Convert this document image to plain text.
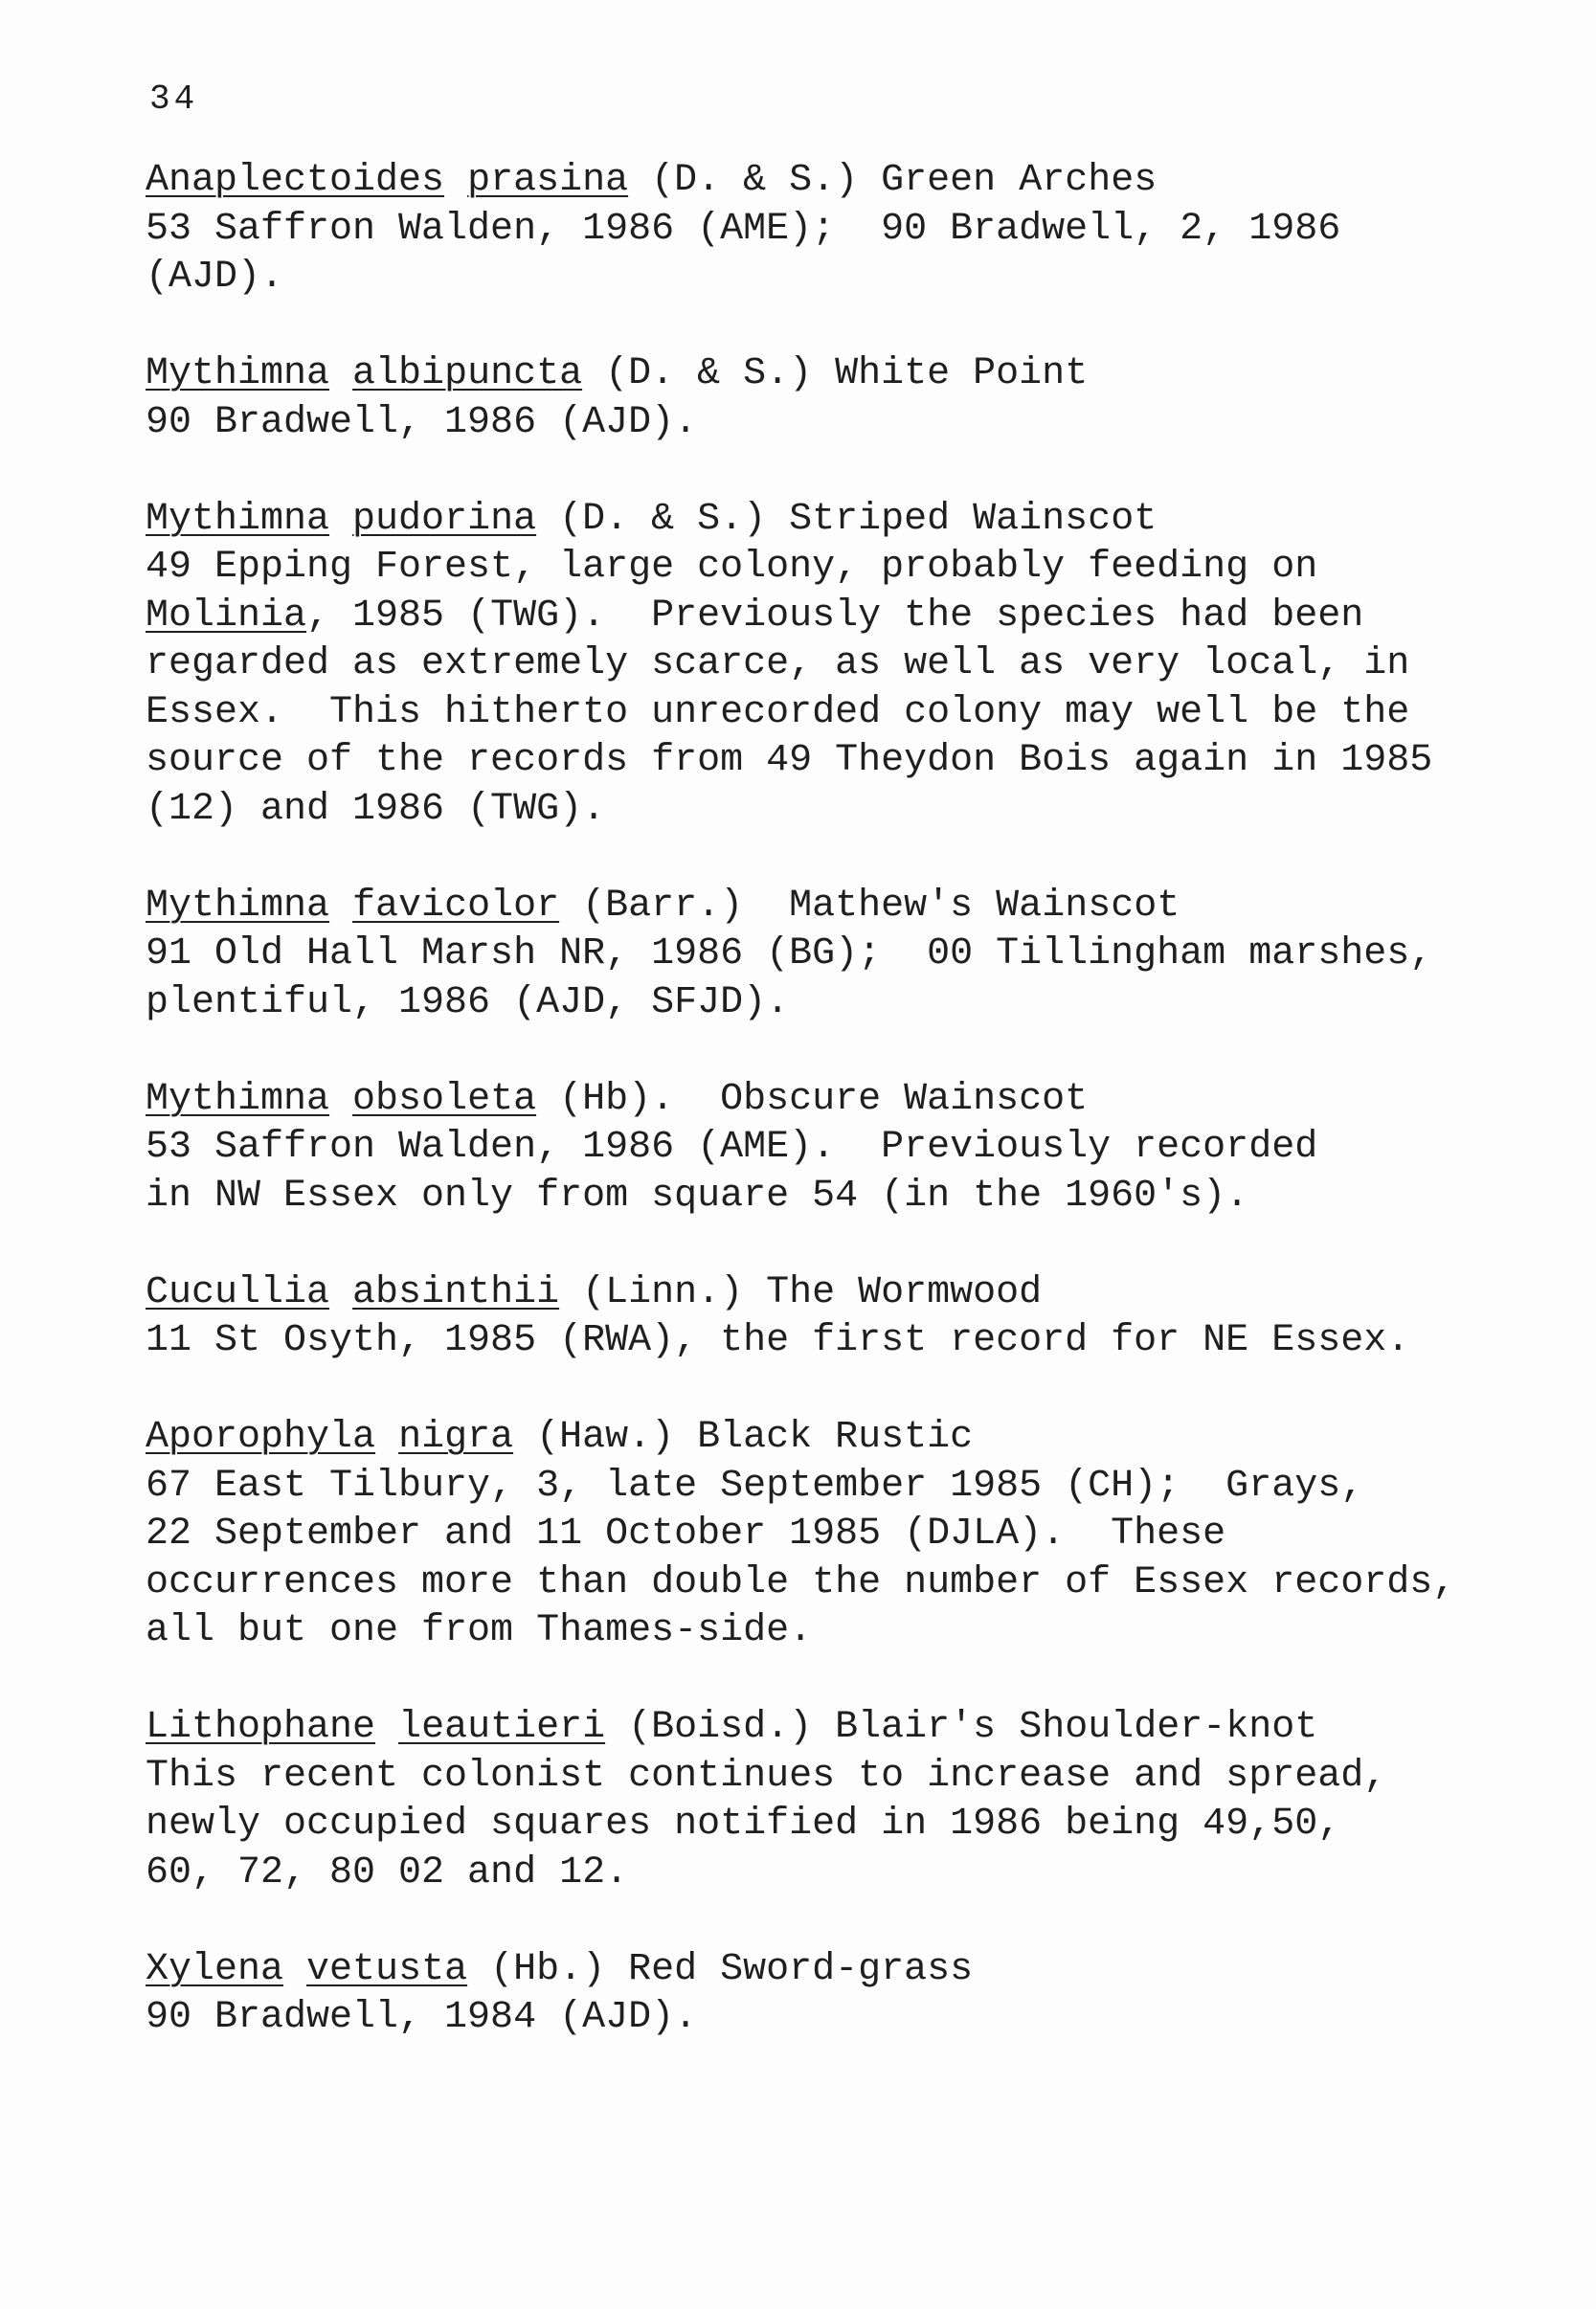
34
Anaplectoides prasina (D. & S.) Green Arches
53 Saffron Walden, 1986 (AME);  90 Bradwell, 2, 1986
(AJD).
Mythimna albipuncta (D. & S.) White Point
90 Bradwell, 1986 (AJD).
Mythimna pudorina (D. & S.) Striped Wainscot
49 Epping Forest, large colony, probably feeding on
Molinia, 1985 (TWG).  Previously the species had been
regarded as extremely scarce, as well as very local, in
Essex.  This hitherto unrecorded colony may well be the
source of the records from 49 Theydon Bois again in 1985
(12) and 1986 (TWG).
Mythimna favicolor (Barr.)  Mathew's Wainscot
91 Old Hall Marsh NR, 1986 (BG);  00 Tillingham marshes,
plentiful, 1986 (AJD, SFJD).
Mythimna obsoleta (Hb).  Obscure Wainscot
53 Saffron Walden, 1986 (AME).  Previously recorded
in NW Essex only from square 54 (in the 1960's).
Cucullia absinthii (Linn.) The Wormwood
11 St Osyth, 1985 (RWA), the first record for NE Essex.
Aporophyla nigra (Haw.) Black Rustic
67 East Tilbury, 3, late September 1985 (CH);  Grays,
22 September and 11 October 1985 (DJLA).  These
occurrences more than double the number of Essex records,
all but one from Thames-side.
Lithophane leautieri (Boisd.) Blair's Shoulder-knot
This recent colonist continues to increase and spread,
newly occupied squares notified in 1986 being 49,50,
60, 72, 80 02 and 12.
Xylena vetusta (Hb.) Red Sword-grass
90 Bradwell, 1984 (AJD).
